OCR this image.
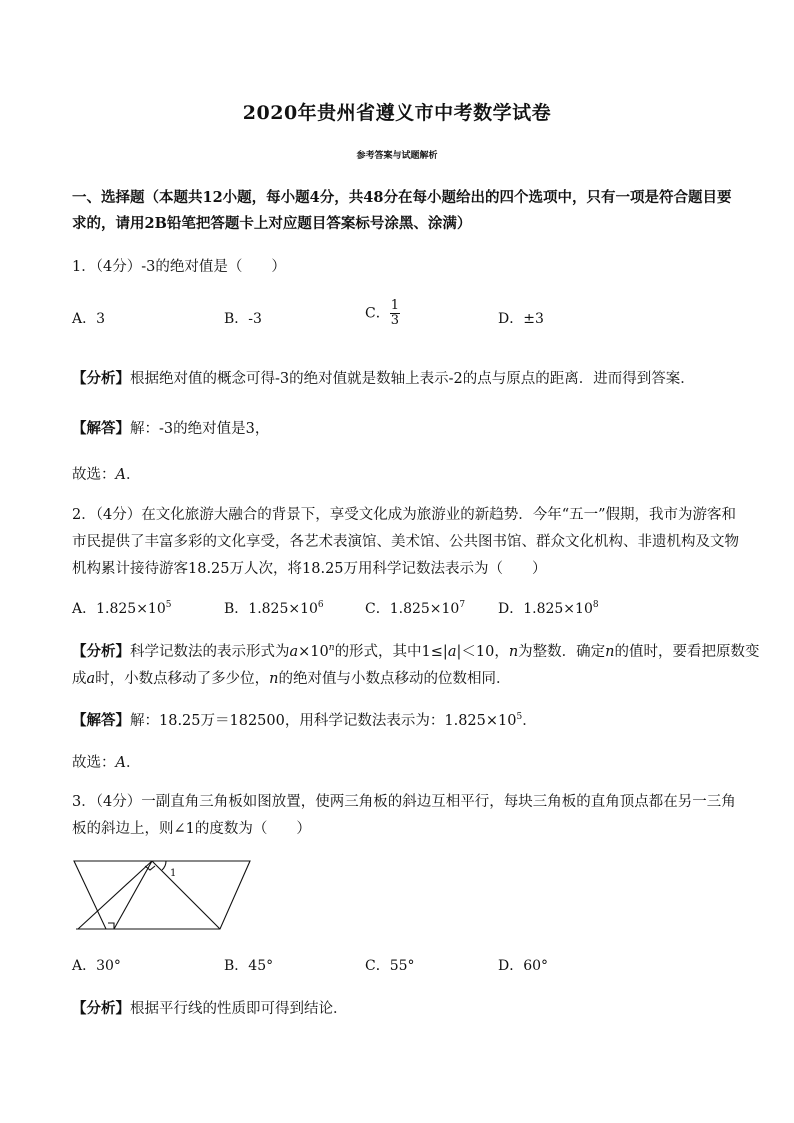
2020年贵州省遵义市中考数学试卷
参考答案与试题解析
一、选择题（本题共12小题，每小题4分，共48分在每小题给出的四个选项中，只有一项是符合题目要
求的，请用2B铅笔把答题卡上对应题目答案标号涂黑、涂满）
1．（4分）-3的绝对值是（　　）
A．3	B．-3	C． $\frac{1}{3}$	D．±3
【分析】根据绝对值的概念可得-3的绝对值就是数轴上表示-2的点与原点的距离．进而得到答案．
【解答】解：-3的绝对值是3，
故选：A．
2．（4分）在文化旅游大融合的背景下，享受文化成为旅游业的新趋势．今年“五一”假期，我市为游客和
市民提供了丰富多彩的文化享受，各艺术表演馆、美术馆、公共图书馆、群众文化机构、非遗机构及文物
机构累计接待游客18.25万人次，将18.25万用科学记数法表示为（　　）
A．$1.825\times 10^5$	B．$1.825\times 10^6$	C．$1.825\times 10^7$ D．$1.825\times 10^8$
【分析】科学记数法的表示形式为$a\times 10^n$的形式，其中1≤|a|＜10，n为整数．确定n的值时，要看把原数变
成a时，小数点移动了多少位，n的绝对值与小数点移动的位数相同．
【解答】解：18.25万＝182500，用科学记数法表示为：$1.825\times 10^5$．
故选：A．
3．（4分）一副直角三角板如图放置，使两三角板的斜边互相平行，每块三角板的直角顶点都在另一三角
板的斜边上，则∠1的度数为（　　）
1
A．30°	B．45°	C．55°	D．60°
【分析】根据平行线的性质即可得到结论．
